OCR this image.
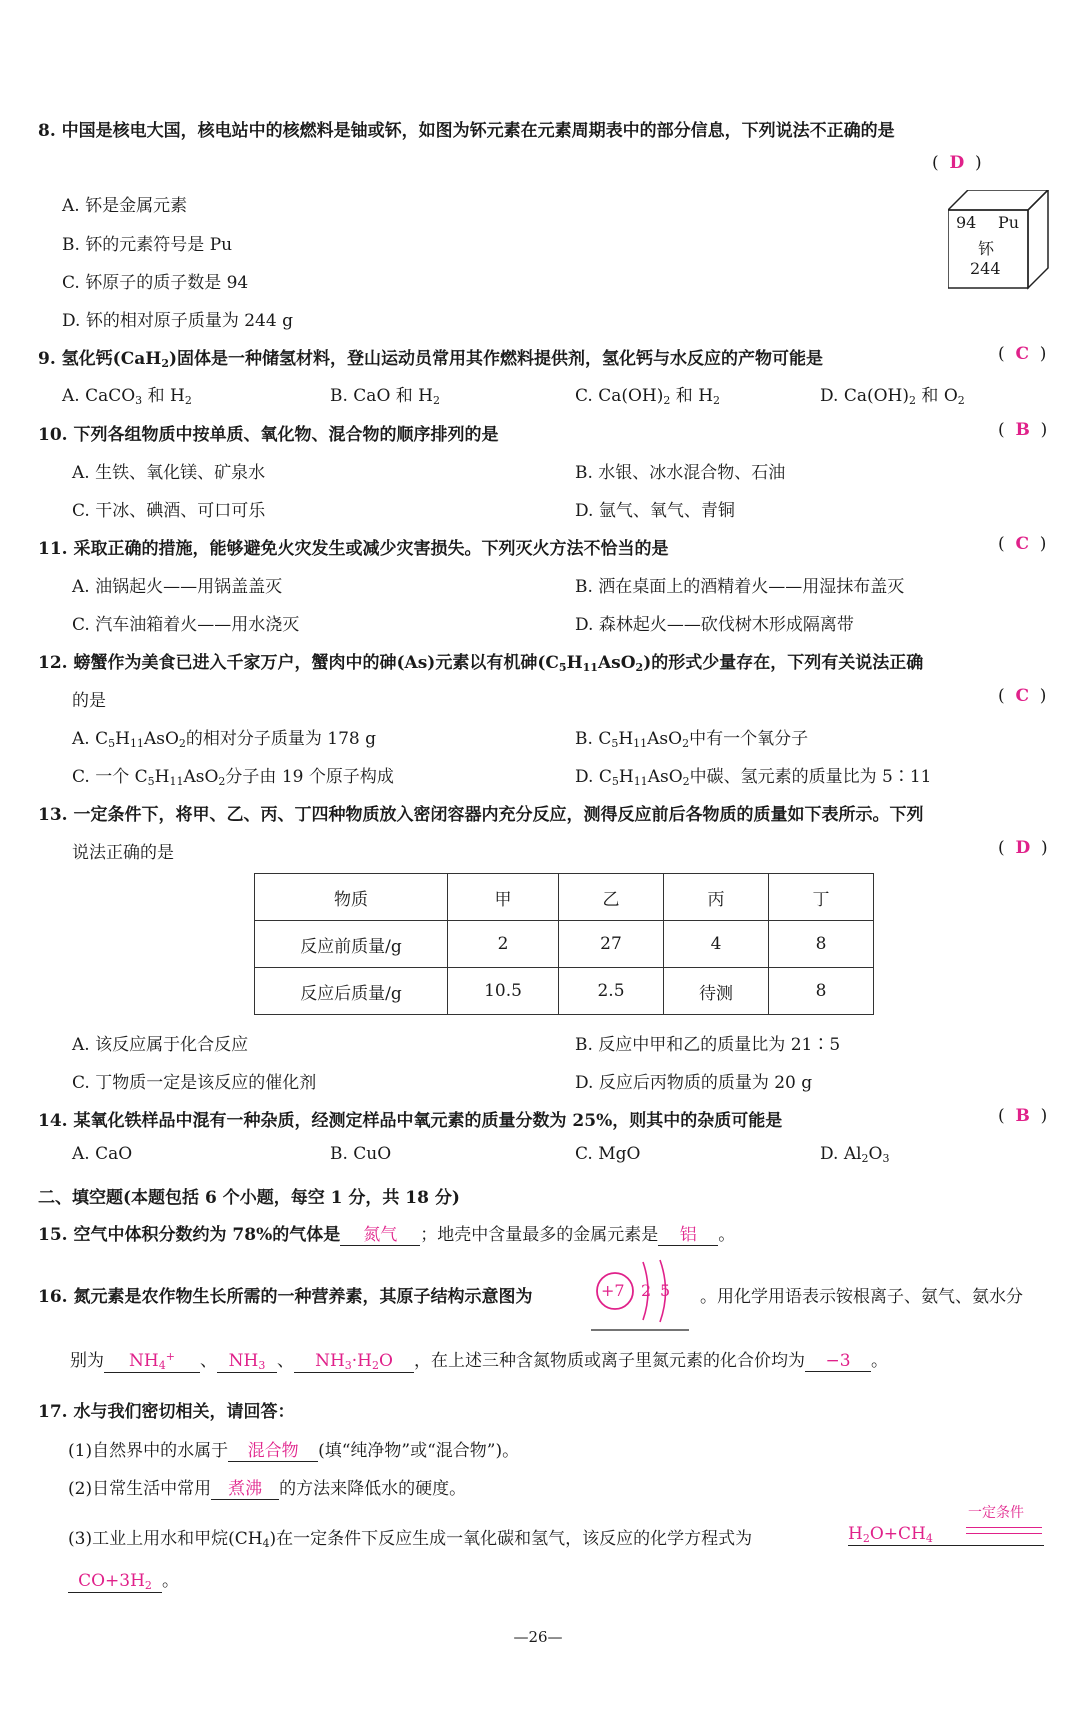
8. 中国是核电大国，核电站中的核燃料是铀或钚，如图为钚元素在元素周期表中的部分信息，下列说法不正确的是
( D )
A. 钚是金属元素
B. 钚的元素符号是 Pu
C. 钚原子的质子数是 94
D. 钚的相对原子质量为 244 g
94 Pu
钚
244
9. 氢化钙(CaH$_2$)固体是一种储氢材料，登山运动员常用其作燃料提供剂，氢化钙与水反应的产物可能是	(  C  )
A. CaCO$_3$ 和 $H_2$	B. CaO 和 $H_2$	C. $Ca(OH)_2$ 和 $H_2$	D. $Ca(OH)_2$ 和 $O_2$
10. 下列各组物质中按单质、氧化物、混合物的顺序排列的是	(  B  )
A. 生铁、氧化镁、矿泉水	B. 水银、冰水混合物、石油
C. 干冰、碘酒、可口可乐	D. 氩气、氧气、青铜
11. 采取正确的措施，能够避免火灾发生或减少灾害损失。下列灭火方法不恰当的是	(  C  )
A. 油锅起火——用锅盖盖灭	B. 洒在桌面上的酒精着火——用湿抹布盖灭
C. 汽车油箱着火——用水浇灭	D. 森林起火——砍伐树木形成隔离带
12. 螃蟹作为美食已进入千家万户，蟹肉中的砷(As)元素以有机砷$(C_5H_{11}AsO_2)$的形式少量存在，下列有关说法正确
的是	(  C  )
A. $C_5H_{11}AsO_2$的相对分子质量为 178 g	B. $C_5H_{11}AsO_2$中有一个氧分子
C. 一个 $C_5H_{11}AsO_2$分子由 19 个原子构成	D. $C_5H_{11}AsO_2$中碳、氢元素的质量比为 5∶11
13. 一定条件下，将甲、乙、丙、丁四种物质放入密闭容器内充分反应，测得反应前后各物质的质量如下表所示。下列
说法正确的是	(  D  )
物质	甲	乙	丙	丁
反应前质量/g	2	27	4	8
反应后质量/g	10.5	2.5	待测	8
A. 该反应属于化合反应	B. 反应中甲和乙的质量比为 21∶5
C. 丁物质一定是该反应的催化剂	D. 反应后丙物质的质量为 20 g
14. 某氧化铁样品中混有一种杂质，经测定样品中氧元素的质量分数为 25%，则其中的杂质可能是	(  B  )
A. CaO	B. CuO	C. MgO	D. $Al_2O_3$
二、填空题(本题包括 6 个小题，每空 1 分，共 18 分)
15. 空气中体积分数约为 78%的气体是 氮气 ；地壳中含量最多的金属元素是 铝 。
16. 氮元素是农作物生长所需的一种营养素，其原子结构示意图为	+7 2 5 。用化学用语表示铵根离子、氨气、氨水分
别为 $NH_4^+$ 、 $NH_3$ 、 $NH_3\cdot H_2O$ ，在上述三种含氮物质或离子里氮元素的化合价均为 −3 。
17. 水与我们密切相关，请回答：
(1)自然界中的水属于 混合物 (填“纯净物”或“混合物”)。
(2)日常生活中常用 煮沸 的方法来降低水的硬度。
(3)工业上用水和甲烷$(CH_4)$在一定条件下反应生成一氧化碳和氢气，该反应的化学方程式为	$H_2O+CH_4$
一定条件
$CO+3H_2$ 。
—26—
